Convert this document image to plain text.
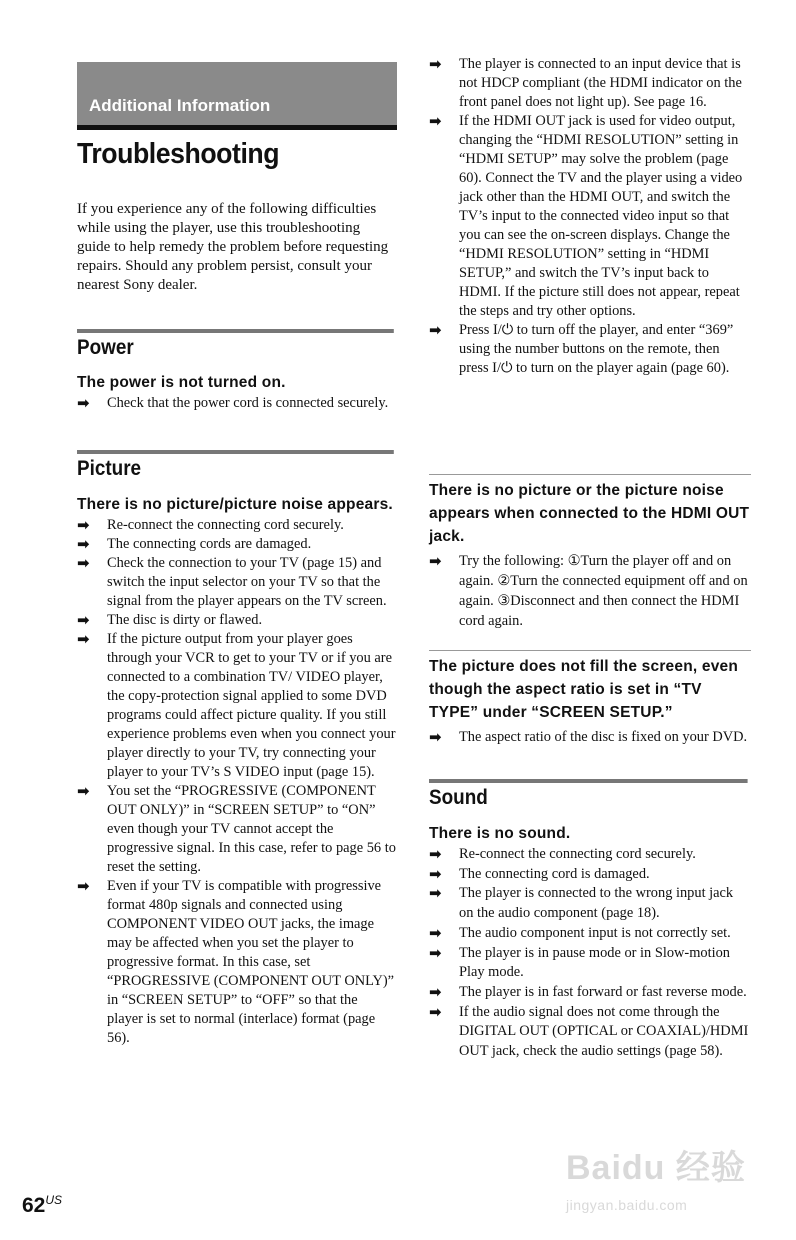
Additional Information
Troubleshooting

If you experience any of the following difficulties while using the player, use this troubleshooting guide to help remedy the problem before requesting repairs. Should any problem persist, consult your nearest Sony dealer.

Power
The power is not turned on.
➡ Check that the power cord is connected securely.
Picture
There is no picture/picture noise appears.
➡ Re-connect the connecting cord securely.
➡ The connecting cords are damaged.
➡ Check the connection to your TV (page 15) and switch the input selector on your TV so that the signal from the player appears on the TV screen.
➡ The disc is dirty or flawed.
➡ If the picture output from your player goes through your VCR to get to your TV or if you are connected to a combination TV/ VIDEO player, the copy-protection signal applied to some DVD programs could affect picture quality. If you still experience problems even when you connect your player directly to your TV, try connecting your player to your TV’s S VIDEO input (page 15).
➡ You set the “PROGRESSIVE (COMPONENT OUT ONLY)” in “SCREEN SETUP” to “ON” even though your TV cannot accept the progressive signal. In this case, refer to page 56 to reset the setting.
➡ Even if your TV is compatible with progressive format 480p signals and connected using COMPONENT VIDEO OUT jacks, the image may be affected when you set the player to progressive format. In this case, set “PROGRESSIVE (COMPONENT OUT ONLY)” in “SCREEN SETUP” to “OFF” so that the player is set to normal (interlace) format (page 56).
➡ The player is connected to an input device that is not HDCP compliant (the HDMI indicator on the front panel does not light up). See page 16.
➡ If the HDMI OUT jack is used for video output, changing the “HDMI RESOLUTION” setting in “HDMI SETUP” may solve the problem (page 60). Connect the TV and the player using a video jack other than the HDMI OUT, and switch the TV’s input to the connected video input so that you can see the on-screen displays. Change the “HDMI RESOLUTION” setting in “HDMI SETUP,” and switch the TV’s input back to HDMI. If the picture still does not appear, repeat the steps and try other options.
➡ Press I/⏻ to turn off the player, and enter “369” using the number buttons on the remote, then press I/⏻ to turn on the player again (page 60).
There is no picture or the picture noise appears when connected to the HDMI OUT jack.
➡ Try the following: ①Turn the player off and on again. ②Turn the connected equipment off and on again. ③Disconnect and then connect the HDMI cord again.
The picture does not fill the screen, even though the aspect ratio is set in “TV TYPE” under “SCREEN SETUP.”
➡ The aspect ratio of the disc is fixed on your DVD.
Sound
There is no sound.
➡ Re-connect the connecting cord securely.
➡ The connecting cord is damaged.
➡ The player is connected to the wrong input jack on the audio component (page 18).
➡ The audio component input is not correctly set.
➡ The player is in pause mode or in Slow-motion Play mode.
➡ The player is in fast forward or fast reverse mode.
➡ If the audio signal does not come through the DIGITAL OUT (OPTICAL or COAXIAL)/HDMI OUT jack, check the audio settings (page 58).
$62^{US}$
Baidu 经验
jingyan.baidu.com
